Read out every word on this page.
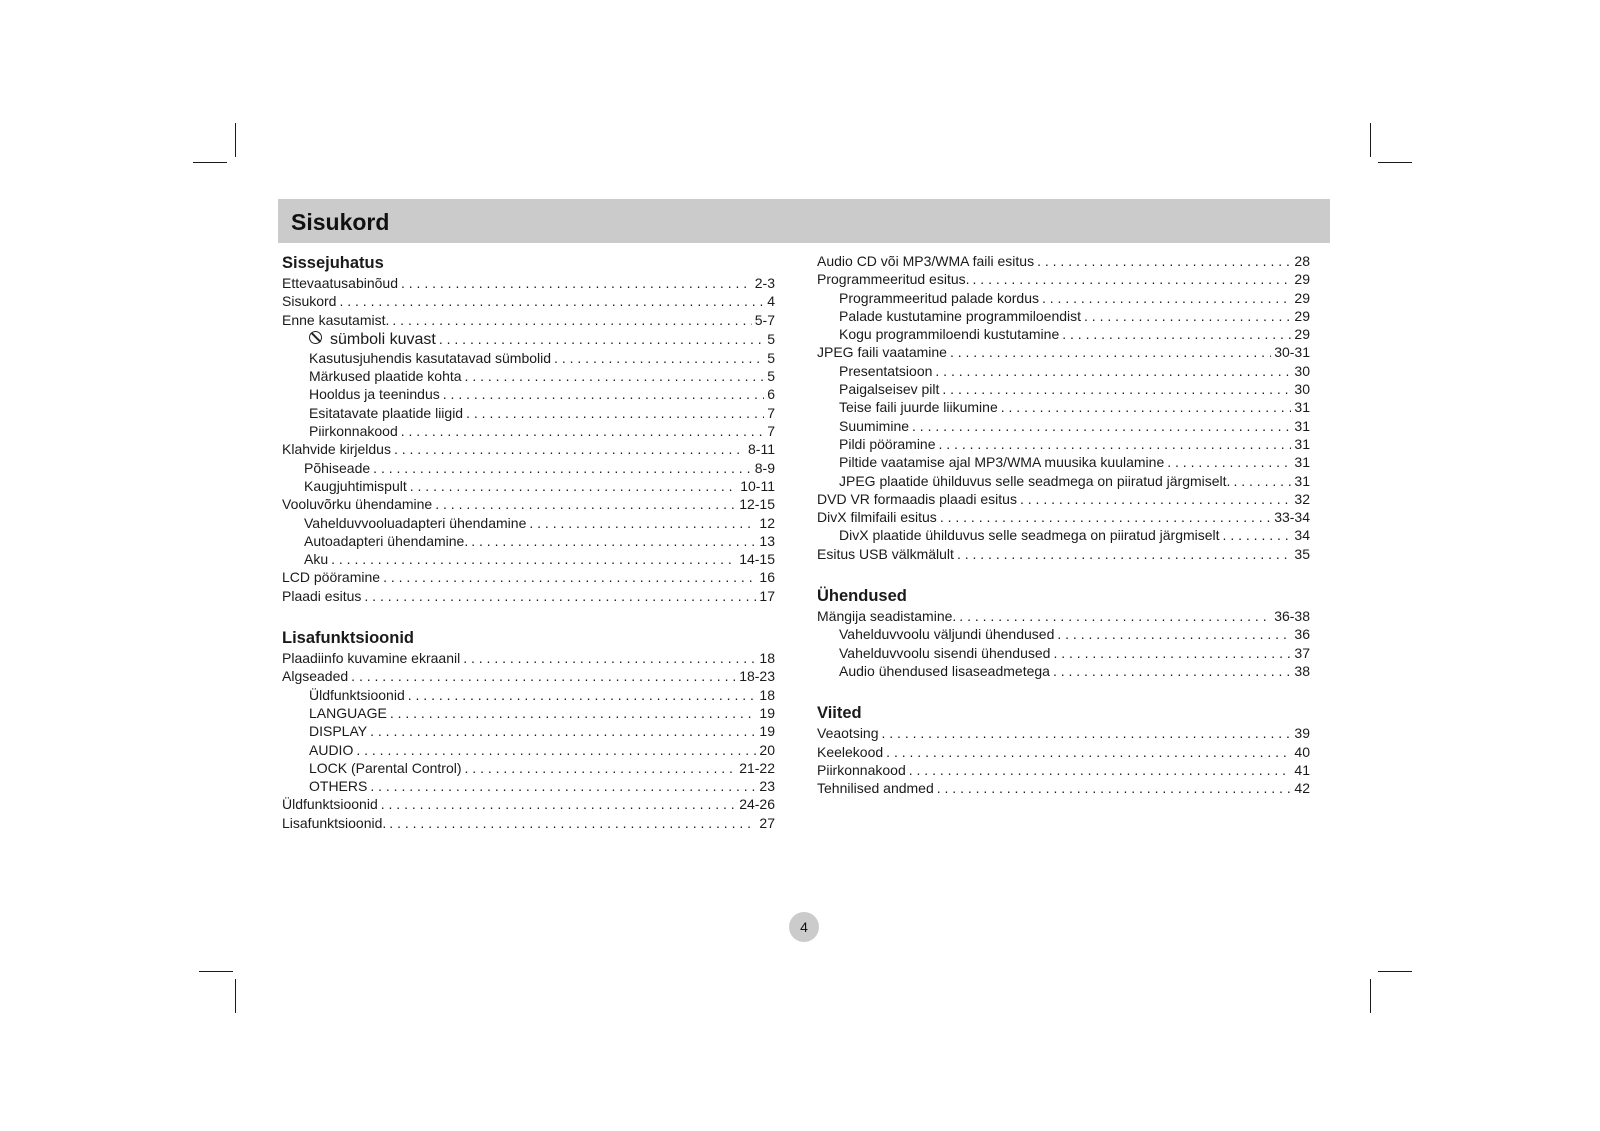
Sisukord
Sissejuhatus
Ettevaatusabinõud . . .	2-3
Sisukord . . .	4
Enne kasutamist. . . .	5-7
sümboli kuvast . . .	5
Kasutusjuhendis kasutatavad sümbolid . . .	5
Märkused plaatide kohta . . .	5
Hooldus ja teenindus . . .	6
Esitatavate plaatide liigid . . .	7
Piirkonnakood . . .	7
Klahvide kirjeldus . . .	8-11
Põhiseade . . .	8-9
Kaugjuhtimispult . . .	10-11
Vooluvõrku ühendamine . . .	12-15
Vahelduvvooluadapteri ühendamine . . .	12
Autoadapteri ühendamine. . . .	13
Aku . . .	14-15
LCD pööramine . . .	16
Plaadi esitus . . .	17
Lisafunktsioonid
Plaadiinfo kuvamine ekraanil . . .	18
Algseaded . . .	18-23
Üldfunktsioonid . . .	18
LANGUAGE . . .	19
DISPLAY . . .	19
AUDIO . . .	20
LOCK (Parental Control) . . .	21-22
OTHERS . . .	23
Üldfunktsioonid . . .	24-26
Lisafunktsioonid. . . .	27
Audio CD või MP3/WMA faili esitus . . .	28
Programmeeritud esitus. . . .	29
Programmeeritud palade kordus . . .	29
Palade kustutamine programmiloendist . . .	29
Kogu programmiloendi kustutamine . . .	29
JPEG faili vaatamine . . .	30-31
Presentatsioon . . .	30
Paigalseisev pilt . . .	30
Teise faili juurde liikumine . . .	31
Suumimine . . .	31
Pildi pööramine . . .	31
Piltide vaatamise ajal MP3/WMA muusika kuulamine . . .	31
JPEG plaatide ühilduvus selle seadmega on piiratud järgmiselt. . . .	31
DVD VR formaadis plaadi esitus . . .	32
DivX filmifaili esitus . . .	33-34
DivX plaatide ühilduvus selle seadmega on piiratud järgmiselt . . .	34
Esitus USB välkmälult . . .	35
Ühendused
Mängija seadistamine. . . .	36-38
Vahelduvvoolu väljundi ühendused . . .	36
Vahelduvvoolu sisendi ühendused . . .	37
Audio ühendused lisaseadmetega . . .	38
Viited
Veaotsing . . .	39
Keelekood . . .	40
Piirkonnakood . . .	41
Tehnilised andmed . . .	42
4
